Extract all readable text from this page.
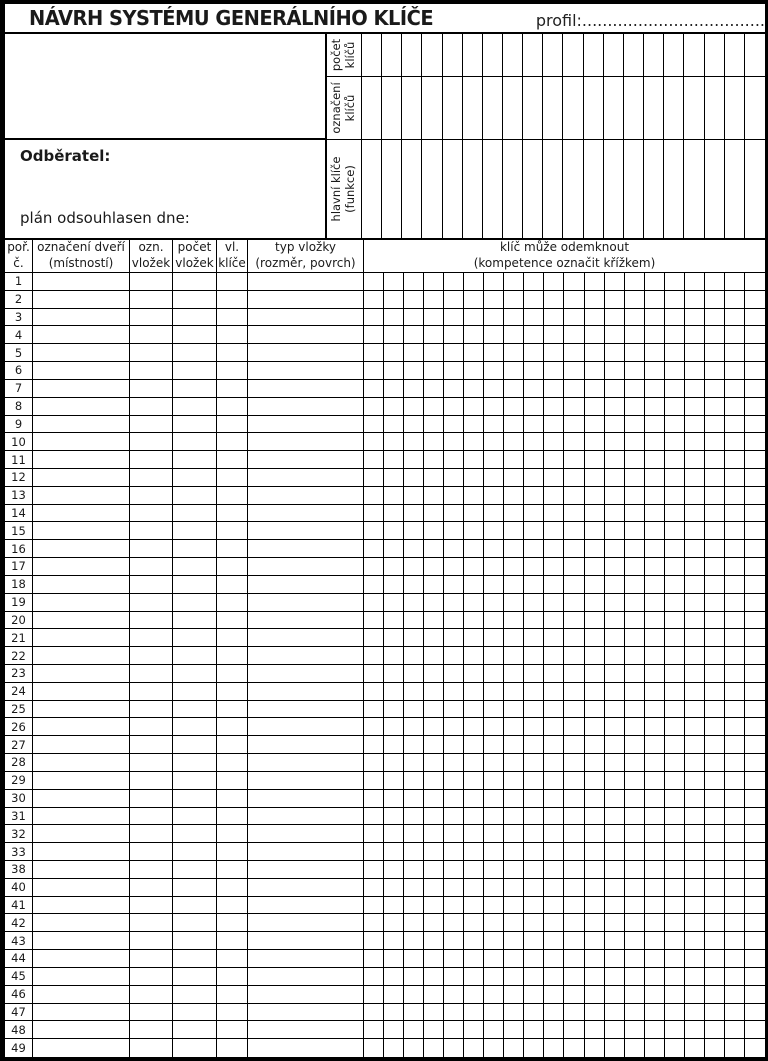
NÁVRH SYSTÉMU GENERÁLNÍHO KLÍČE	profil:....................................
Odběratel:
plán odsouhlasen dne:
počet klíčů
označení klíčů
hlavní klíče (funkce)
poř.
č.
označení dveří
(místností)
ozn.
vložek
počet
vložek
vl.
klíče
typ vložky
(rozměr, povrch)
klíč může odemknout
(kompetence označit křížkem)
1
2
3
4
5
6
7
8
9
10
11
12
13
14
15
16
17
18
19
20
21
22
23
24
25
26
27
28
29
30
31
32
33
38
40
41
42
43
44
45
46
47
48
49
